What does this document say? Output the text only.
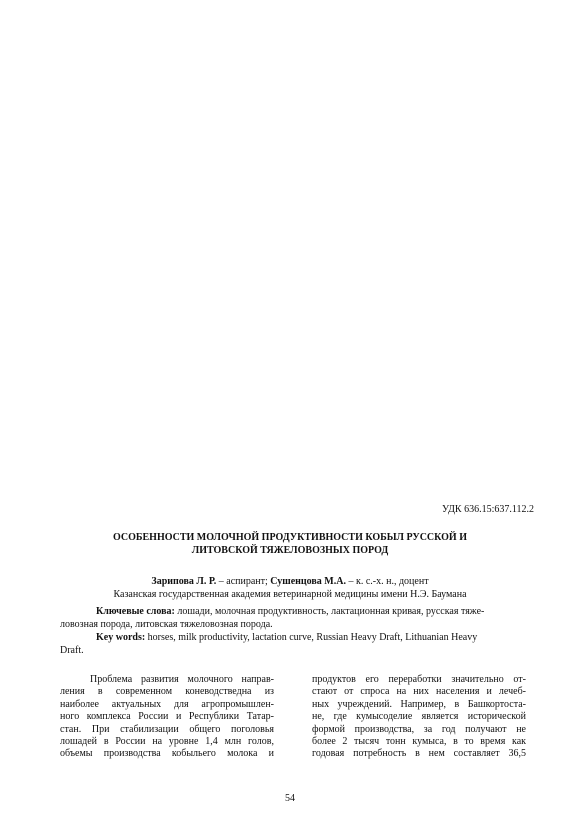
УДК 636.15:637.112.2
ОСОБЕННОСТИ МОЛОЧНОЙ ПРОДУКТИВНОСТИ КОБЫЛ РУССКОЙ И
ЛИТОВСКОЙ ТЯЖЕЛОВОЗНЫХ ПОРОД
Зарипова Л. Р. – аспирант; Сушенцова М.А. – к. с.-х. н., доцент
Казанская государственная академия ветеринарной медицины имени Н.Э. Баумана
Ключевые слова: лошади, молочная продуктивность, лактационная кривая, русская тяже-
ловозная порода, литовская тяжеловозная порода.
Key words: horses, milk productivity, lactation curve, Russian Heavy Draft, Lithuanian Heavy
Draft.
Проблема развития молочного направ-
ления в современном коневодстведна из
наиболее актуальных для агропромышлен-
ного комплекса России и Республики Татар-
стан. При стабилизации общего поголовья
лошадей в России на уровне 1,4 млн голов,
объемы производства кобыльего молока и
продуктов его переработки значительно от-
стают от спроса на них населения и лечеб-
ных учреждений. Например, в Башкортоста-
не, где кумысоделие является исторической
формой производства, за год получают не
более 2 тысяч тонн кумыса, в то время как
годовая потребность в нем составляет 36,5
54
